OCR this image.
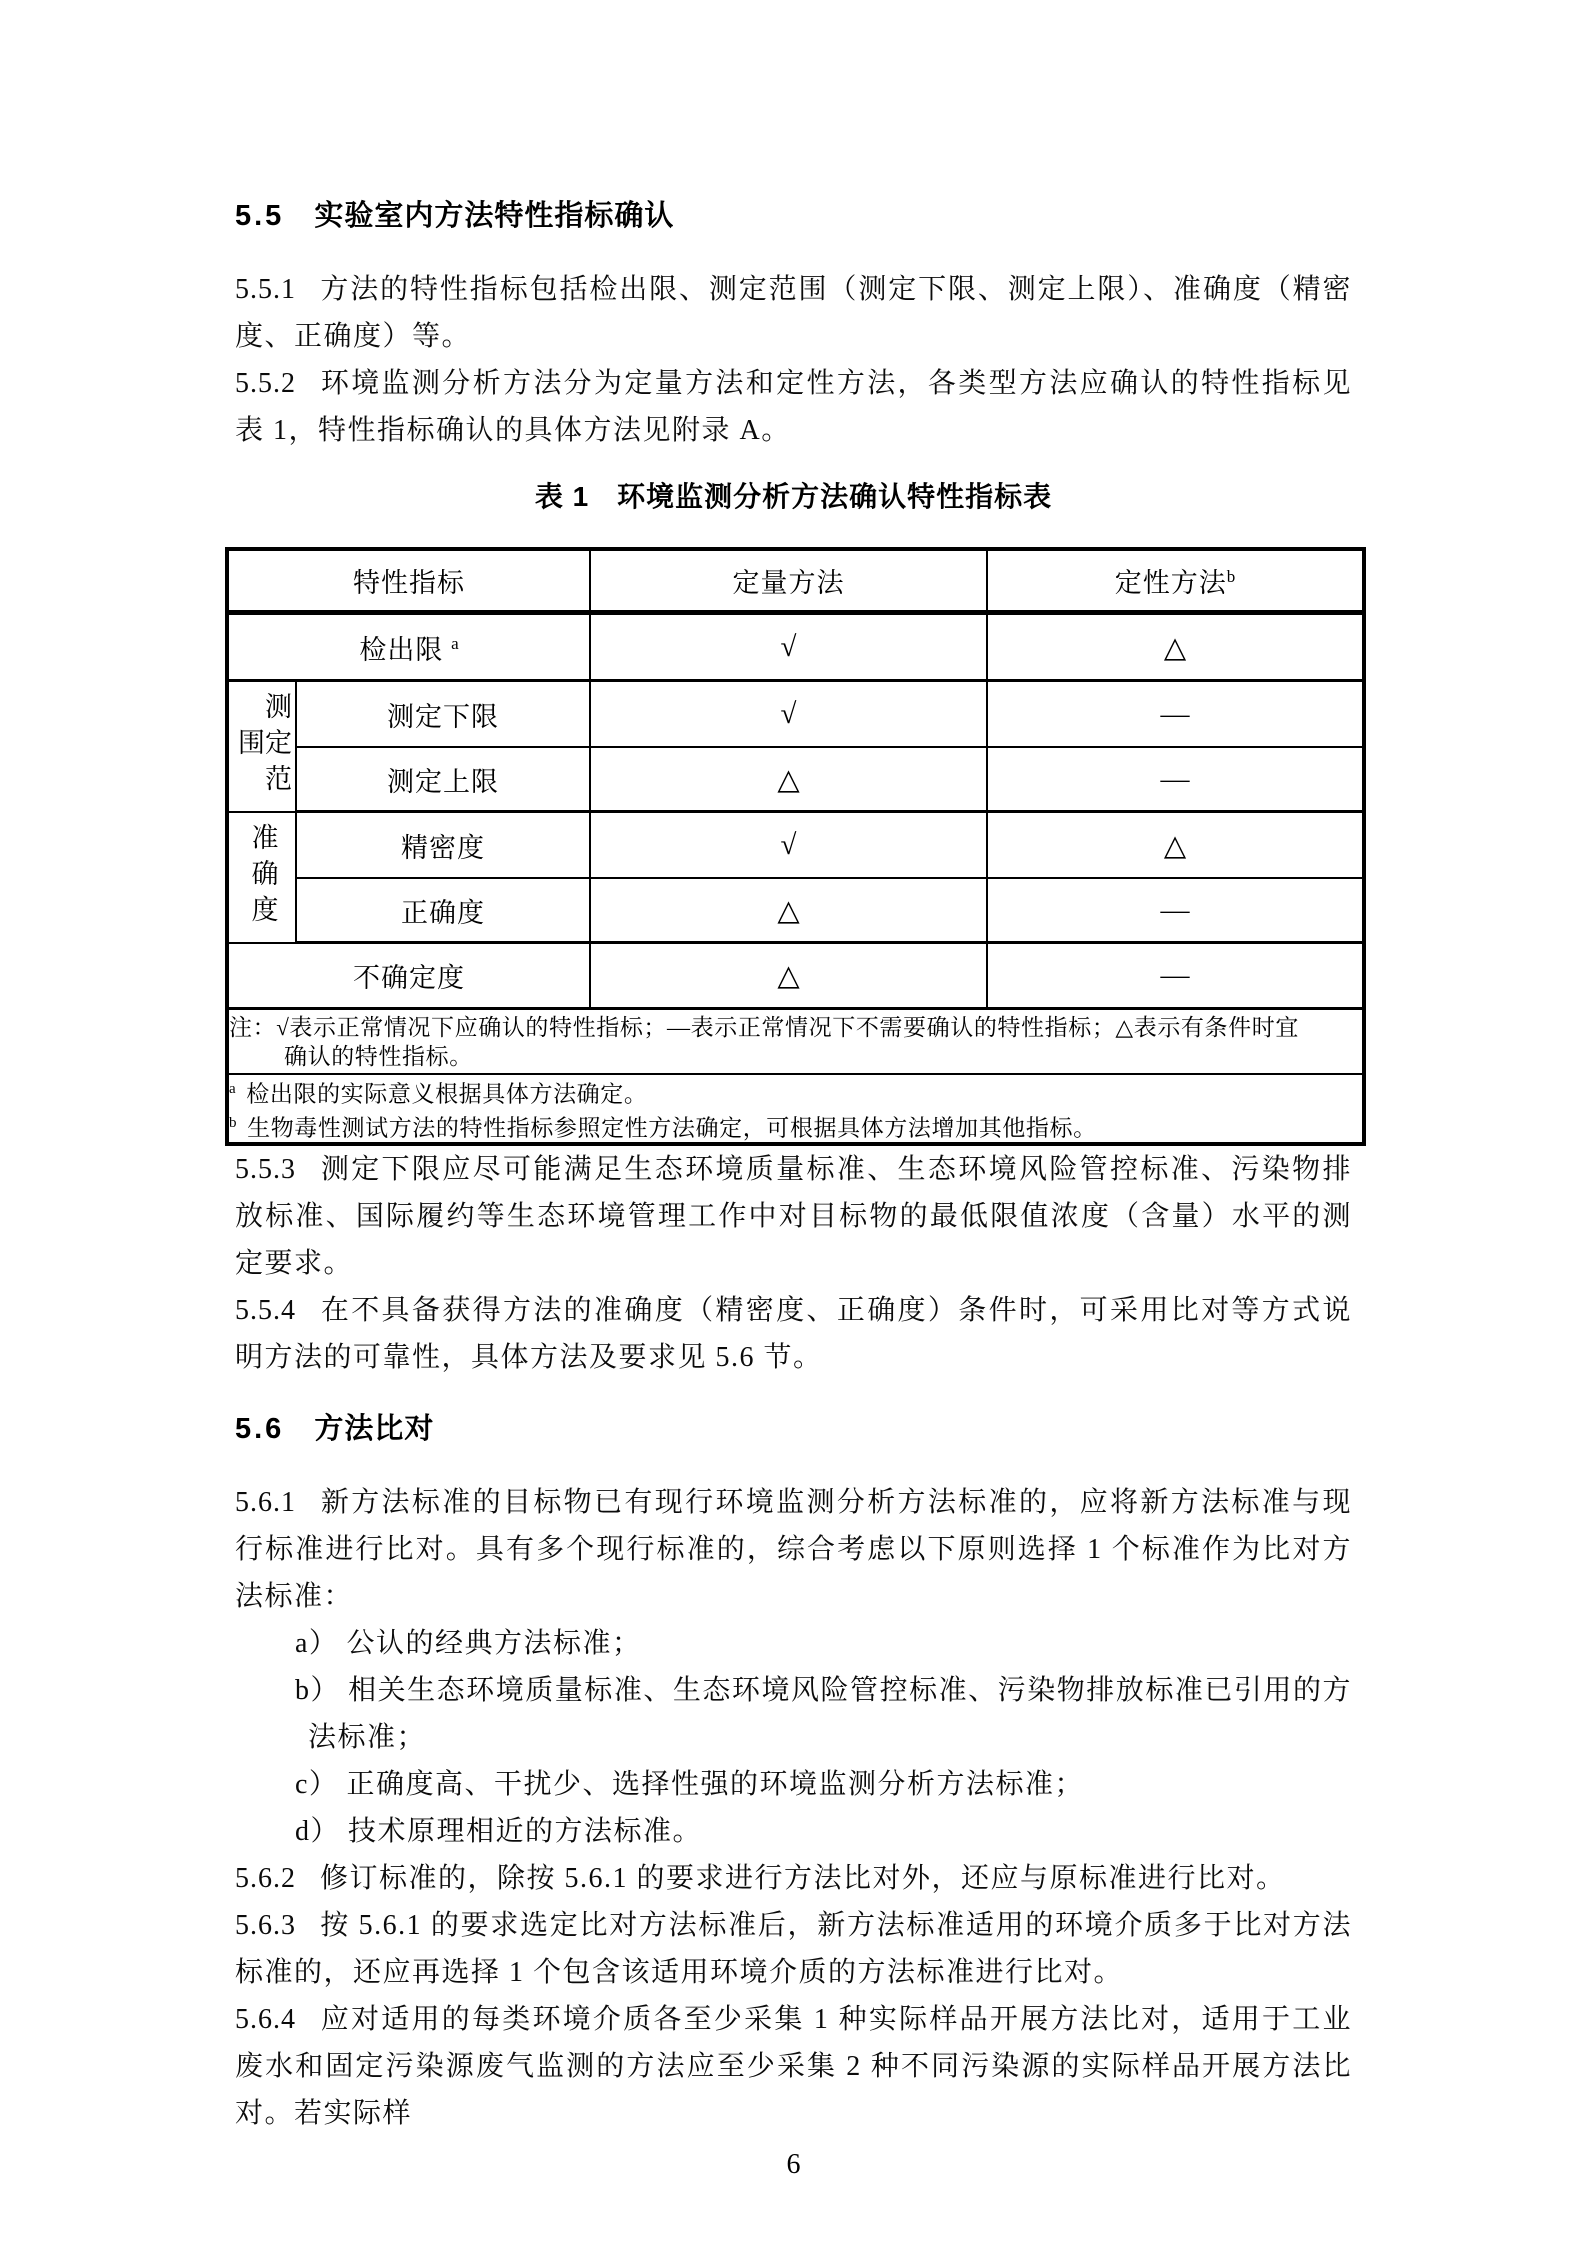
5.5 实验室内方法特性指标确认

5.5.1 方法的特性指标包括检出限、测定范围（测定下限、测定上限）、准确度（精密度、正确度）等。

5.5.2 环境监测分析方法分为定量方法和定性方法，各类型方法应确认的特性指标见表 1，特性指标确认的具体方法见附录 A。

表 1 环境监测分析方法确认特性指标表
特性指标		定量方法	定性方法$^b$
检出限 $^a$		√	△

测定范围	测定下限	√	—
	测定上限	△	—

准确度	精密度	√	△
	正确度	△	—
不确定度		△	—

注：√表示正常情况下应确认的特性指标；—表示正常情况下不需要确认的特性指标；△表示有条件时宜
确认的特性指标。			

$^a$ 检出限的实际意义根据具体方法确定。
$^b$ 生物毒性测试方法的特性指标参照定性方法确定，可根据具体方法增加其他指标。			

5.5.3 测定下限应尽可能满足生态环境质量标准、生态环境风险管控标准、污染物排放标准、国际履约等生态环境管理工作中对目标物的最低限值浓度（含量）水平的测定要求。

5.5.4 在不具备获得方法的准确度（精密度、正确度）条件时，可采用比对等方式说明方法的可靠性，具体方法及要求见 5.6 节。

5.6 方法比对

5.6.1 新方法标准的目标物已有现行环境监测分析方法标准的，应将新方法标准与现行标准进行比对。具有多个现行标准的，综合考虑以下原则选择 1 个标准作为比对方法标准：

a） 公认的经典方法标准；
b） 相关生态环境质量标准、生态环境风险管控标准、污染物排放标准已引用的方法标准；
c） 正确度高、干扰少、选择性强的环境监测分析方法标准；
d） 技术原理相近的方法标准。

5.6.2 修订标准的，除按 5.6.1 的要求进行方法比对外，还应与原标准进行比对。

5.6.3 按 5.6.1 的要求选定比对方法标准后，新方法标准适用的环境介质多于比对方法标准的，还应再选择 1 个包含该适用环境介质的方法标准进行比对。

5.6.4 应对适用的每类环境介质各至少采集 1 种实际样品开展方法比对，适用于工业废水和固定污染源废气监测的方法应至少采集 2 种不同污染源的实际样品开展方法比对。若实际样

6
